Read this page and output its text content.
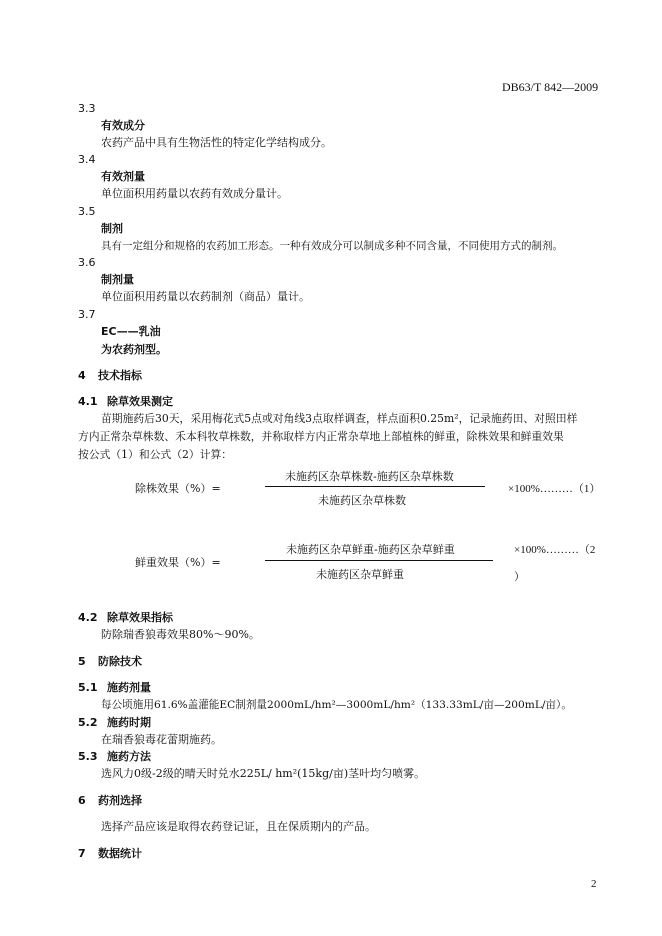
DB63/T 842—2009
3.3
有效成分
农药产品中具有生物活性的特定化学结构成分。
3.4
有效剂量
单位面积用药量以农药有效成分量计。
3.5
制剂
具有一定组分和规格的农药加工形态。一种有效成分可以制成多种不同含量，不同使用方式的制剂。
3.6
制剂量
单位面积用药量以农药制剂（商品）量计。
3.7
EC——乳油
为农药剂型。
4 技术指标
4.1 除草效果测定
苗期施药后30天，采用梅花式5点或对角线3点取样调查，样点面积0.25m²，记录施药田、对照田样
方内正常杂草株数、禾本科牧草株数，并称取样方内正常杂草地上部植株的鲜重，除株效果和鲜重效果
按公式（1）和公式（2）计算：
除株效果（%）=
未施药区杂草株数-施药区杂草株数
未施药区杂草株数
×100%………（1）
鲜重效果（%）=
未施药区杂草鲜重-施药区杂草鲜重
未施药区杂草鲜重
×100%………（2
）
4.2 除草效果指标
防除瑞香狼毒效果80%～90%。
5 防除技术
5.1 施药剂量
每公顷施用61.6%盖灌能EC制剂量2000mL/hm²—3000mL/hm²（133.33mL/亩—200mL/亩）。
5.2 施药时期
在瑞香狼毒花蕾期施药。
5.3 施药方法
选风力0级-2级的晴天时兑水225L/ hm²(15kg/亩)茎叶均匀喷雾。
6 药剂选择
选择产品应该是取得农药登记证，且在保质期内的产品。
7 数据统计
2
